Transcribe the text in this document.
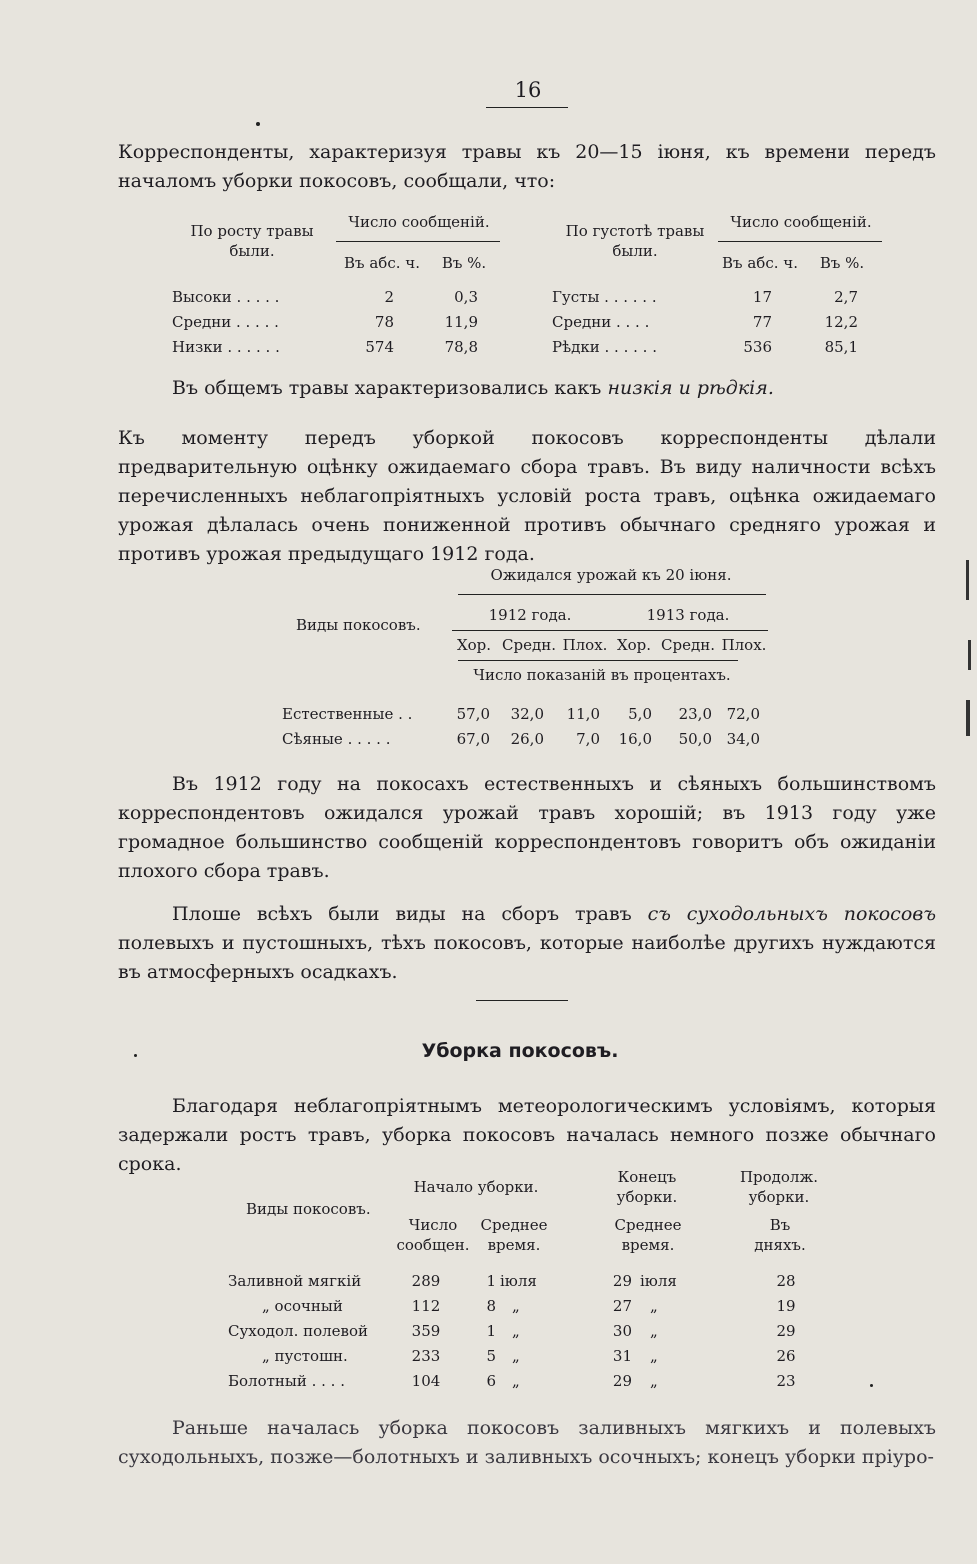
16
Корреспонденты, характеризуя травы къ 20—15 іюня, къ времени передъ началомъ уборки покосовъ, сообщали, что:
По росту травы
были.
Число сообщеній.
Въ абс. ч.	Въ %.
По густотѣ травы
были.
Число сообщеній.
Въ абс. ч.	Въ %.
Высоки . . . . .	2	0,3	Густы . . . . . .	17	2,7
Средни . . . . .	78	11,9	Средни . . . .	77	12,2
Низки . . . . . .	574	78,8	Рѣдки . . . . . .	536	85,1
Въ общемъ травы характеризовались какъ низкія и рѣдкія.
Къ моменту передъ уборкой покосовъ корреспонденты дѣлали предварительную оцѣнку ожидаемаго сбора травъ. Въ виду наличности всѣхъ перечисленныхъ неблагопріятныхъ условій роста травъ, оцѣнка ожидаемаго урожая дѣлалась очень пониженной противъ обычнаго средняго урожая и противъ урожая предыдущаго 1912 года.
Ожидался урожай къ 20 іюня.
Виды покосовъ.
1912 года.	1913 года.
Хор. Средн. Плох. Хор. Средн. Плох.
Число показаній въ процентахъ.
Естественные . .	57,0	32,0	11,0	5,0	23,0 72,0
Сѣяные . . . . .	67,0	26,0	7,0	16,0	50,0 34,0
Въ 1912 году на покосахъ естественныхъ и сѣяныхъ большинствомъ корреспондентовъ ожидался урожай травъ хорошій; въ 1913 году уже громадное большинство сообщеній корреспондентовъ говоритъ объ ожиданіи плохого сбора травъ.
Плоше всѣхъ были виды на сборъ травъ съ суходольныхъ покосовъ полевыхъ и пустошныхъ, тѣхъ покосовъ, которые наиболѣе другихъ нуждаются въ атмосферныхъ осадкахъ.
Уборка покосовъ.
Благодаря неблагопріятнымъ метеорологическимъ условіямъ, которыя задержали ростъ травъ, уборка покосовъ началась немного позже обычнаго срока.
Виды покосовъ.
Начало уборки.
Конецъ
уборки.
Продолж.
уборки.
Число
сообщен.
Среднее
время.
Среднее
время.
Въ
дняхъ.
Заливной мягкій	289	1 іюля	29 іюля	28
„ осочный	112	8 „	27 „	19
Суходол. полевой	359	1 „	30 „	29
„ пустошн.	233	5 „	31 „	26
Болотный . . . .	104	6 „	29 „	23
Раньше началась уборка покосовъ заливныхъ мягкихъ и полевыхъ суходольныхъ, позже—болотныхъ и заливныхъ осочныхъ; конецъ уборки пріуро-
